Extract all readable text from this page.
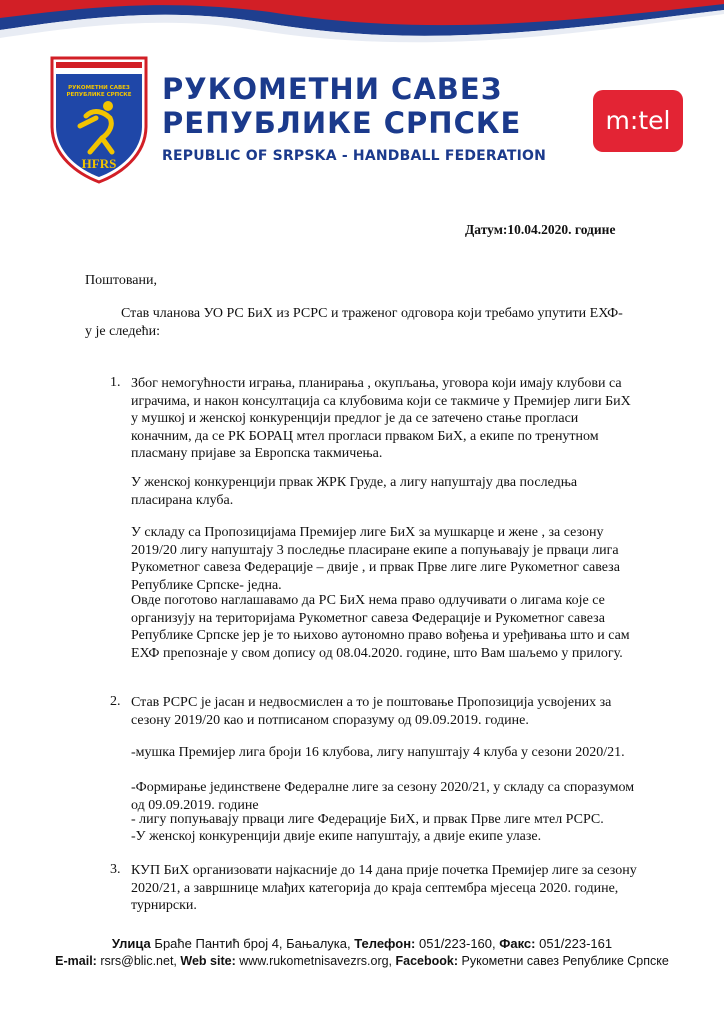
РУКОМЕТНИ САВЕЗ
РЕПУБЛИКЕ СРПСКЕ
HFRS
РУКОМЕТНИ САВЕЗ
РЕПУБЛИКЕ СРПСКЕ
REPUBLIC OF SRPSKA - HANDBALL FEDERATION
m:tel
Датум:10.04.2020. године
Поштовани,
Став чланова УО РС БиХ из РСРС и траженог одговора који требамо упутити ЕХФ- у је следећи:
1. Због немогућности играња, планирања , окупљања, уговора који имају клубови са играчима, и након консултација са клубовима који се такмиче у Премијер лиги БиХ у мушкој и женској конкуренцији предлог је да се затечено стање прогласи коначним, да се РК БОРАЦ мтел прогласи прваком БиХ, а екипе по тренутном пласману пријаве за Европска такмичења.
У женској конкуренцији првак ЖРК Груде, а лигу напуштају два последња пласирана клуба.
У складу са Пропозицијама Премијер лиге БиХ за мушкарце и жене , за сезону 2019/20 лигу напуштају 3 последње пласиране екипе а попуњавају је прваци лига Рукометног савеза Федерације – двије , и првак Прве лиге лиге Рукометног савеза Републике Српске- једна.
Овде поготово наглашавамо да РС БиХ нема право одлучивати о лигама које се организују на територијама Рукометног савеза Федерације и Рукометног савеза Републике Српске јер је то њихово аутономно право вођења и уређивања што и сам ЕХФ препознаје у свом допису од 08.04.2020. године, што Вам шаљемо у прилогу.
2. Став РСРС је јасан и недвосмислен а то је поштовање Пропозиција усвојених за сезону 2019/20 као и потписаном споразуму од 09.09.2019. године.
-мушка Премијер лига броји 16 клубова, лигу напуштају 4 клуба у сезони 2020/21.
-Формирање јединствене Федералне лиге за сезону 2020/21, у складу са споразумом од 09.09.2019. године
- лигу попуњавају прваци лиге Федерације БиХ, и првак Прве лиге мтел РСРС.
-У женској конкуренцији двије екипе напуштају, а двије екипе улазе.
3. КУП БиХ организовати најкасније до 14 дана прије почетка Премијер лиге за сезону 2020/21, а завршнице млађих категорија до краја септембра мјесеца 2020. године, турнирски.
Улица Браће Пантић број 4, Бањалука, Телефон: 051/223-160, Факс: 051/223-161
E-mail: rsrs@blic.net, Web site: www.rukometnisavezrs.org, Facebook: Рукометни савез Републике Српске
